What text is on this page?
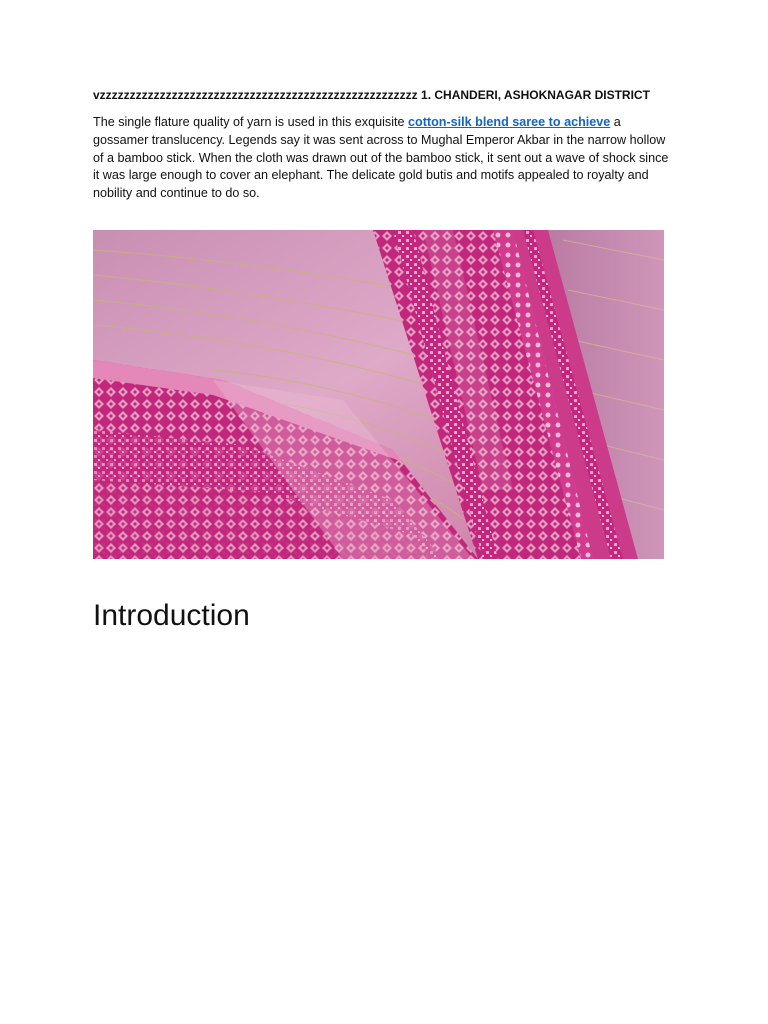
vzzzzzzzzzzzzzzzzzzzzzzzzzzzzzzzzzzzzzzzzzzzzzzzzzzzzz 1. CHANDERI, ASHOKNAGAR DISTRICT

The single flature quality of yarn is used in this exquisite cotton-silk blend saree to achieve a gossamer translucency. Legends say it was sent across to Mughal Emperor Akbar in the narrow hollow of a bamboo stick. When the cloth was drawn out of the bamboo stick, it sent out a wave of shock since it was large enough to cover an elephant. The delicate gold butis and motifs appealed to royalty and nobility and continue to do so.

Introduction
